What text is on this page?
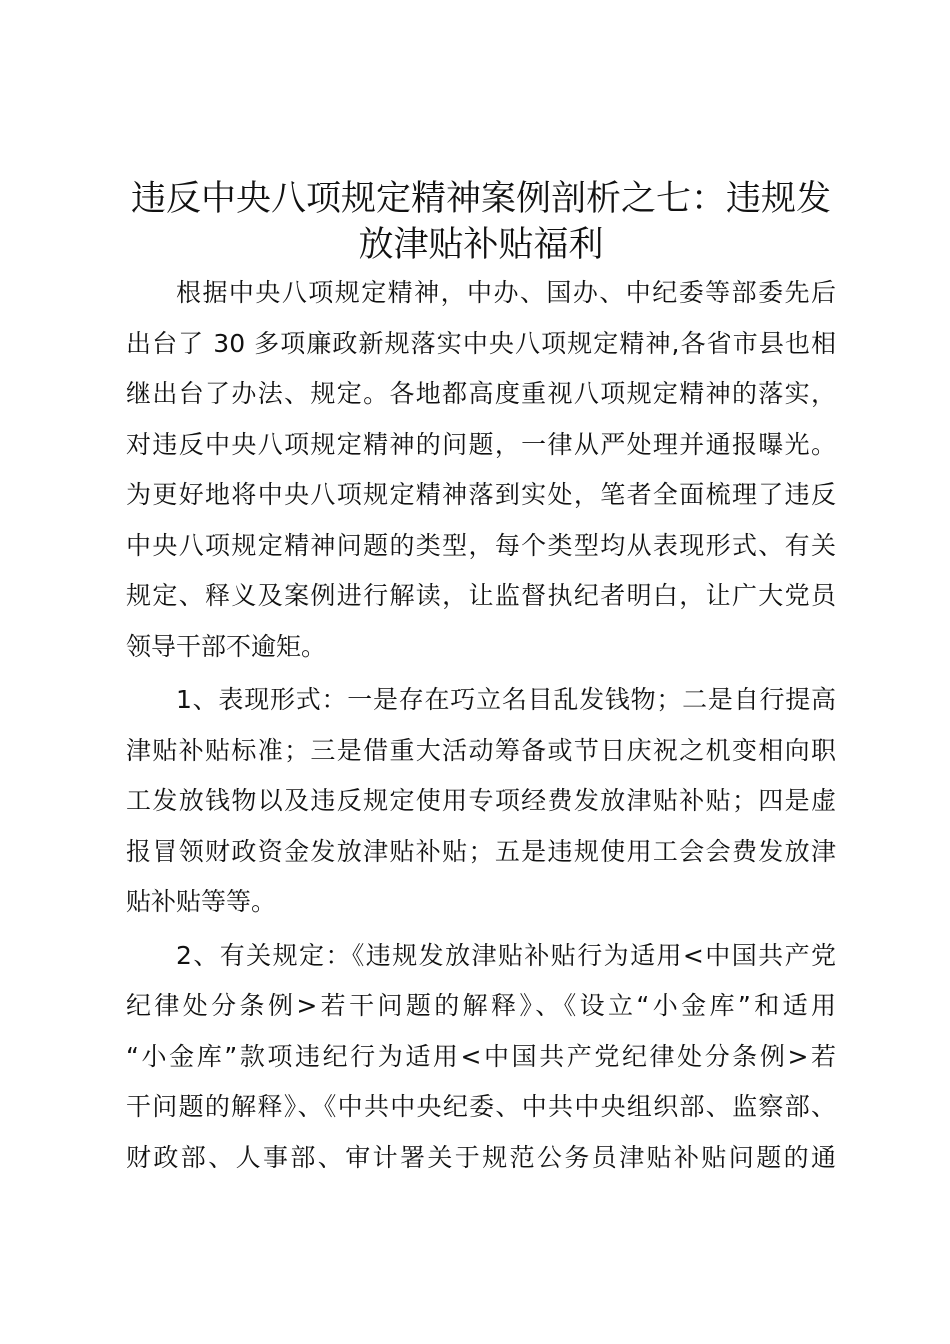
违反中央八项规定精神案例剖析之七：违规发
放津贴补贴福利
根据中央八项规定精神，中办、国办、中纪委等部委先后
出台了 30 多项廉政新规落实中央八项规定精神,各省市县也相
继出台了办法、规定。各地都高度重视八项规定精神的落实，
对违反中央八项规定精神的问题，一律从严处理并通报曝光。
为更好地将中央八项规定精神落到实处，笔者全面梳理了违反
中央八项规定精神问题的类型，每个类型均从表现形式、有关
规定、释义及案例进行解读，让监督执纪者明白，让广大党员
领导干部不逾矩。
1、表现形式：一是存在巧立名目乱发钱物；二是自行提高
津贴补贴标准；三是借重大活动筹备或节日庆祝之机变相向职
工发放钱物以及违反规定使用专项经费发放津贴补贴；四是虚
报冒领财政资金发放津贴补贴；五是违规使用工会会费发放津
贴补贴等等。
2、有关规定：《违规发放津贴补贴行为适用<中国共产党
纪律处分条例>若干问题的解释》、《设立“小金库”和适用
“小金库”款项违纪行为适用<中国共产党纪律处分条例>若
干问题的解释》、《中共中央纪委、中共中央组织部、监察部、
财政部、人事部、审计署关于规范公务员津贴补贴问题的通
